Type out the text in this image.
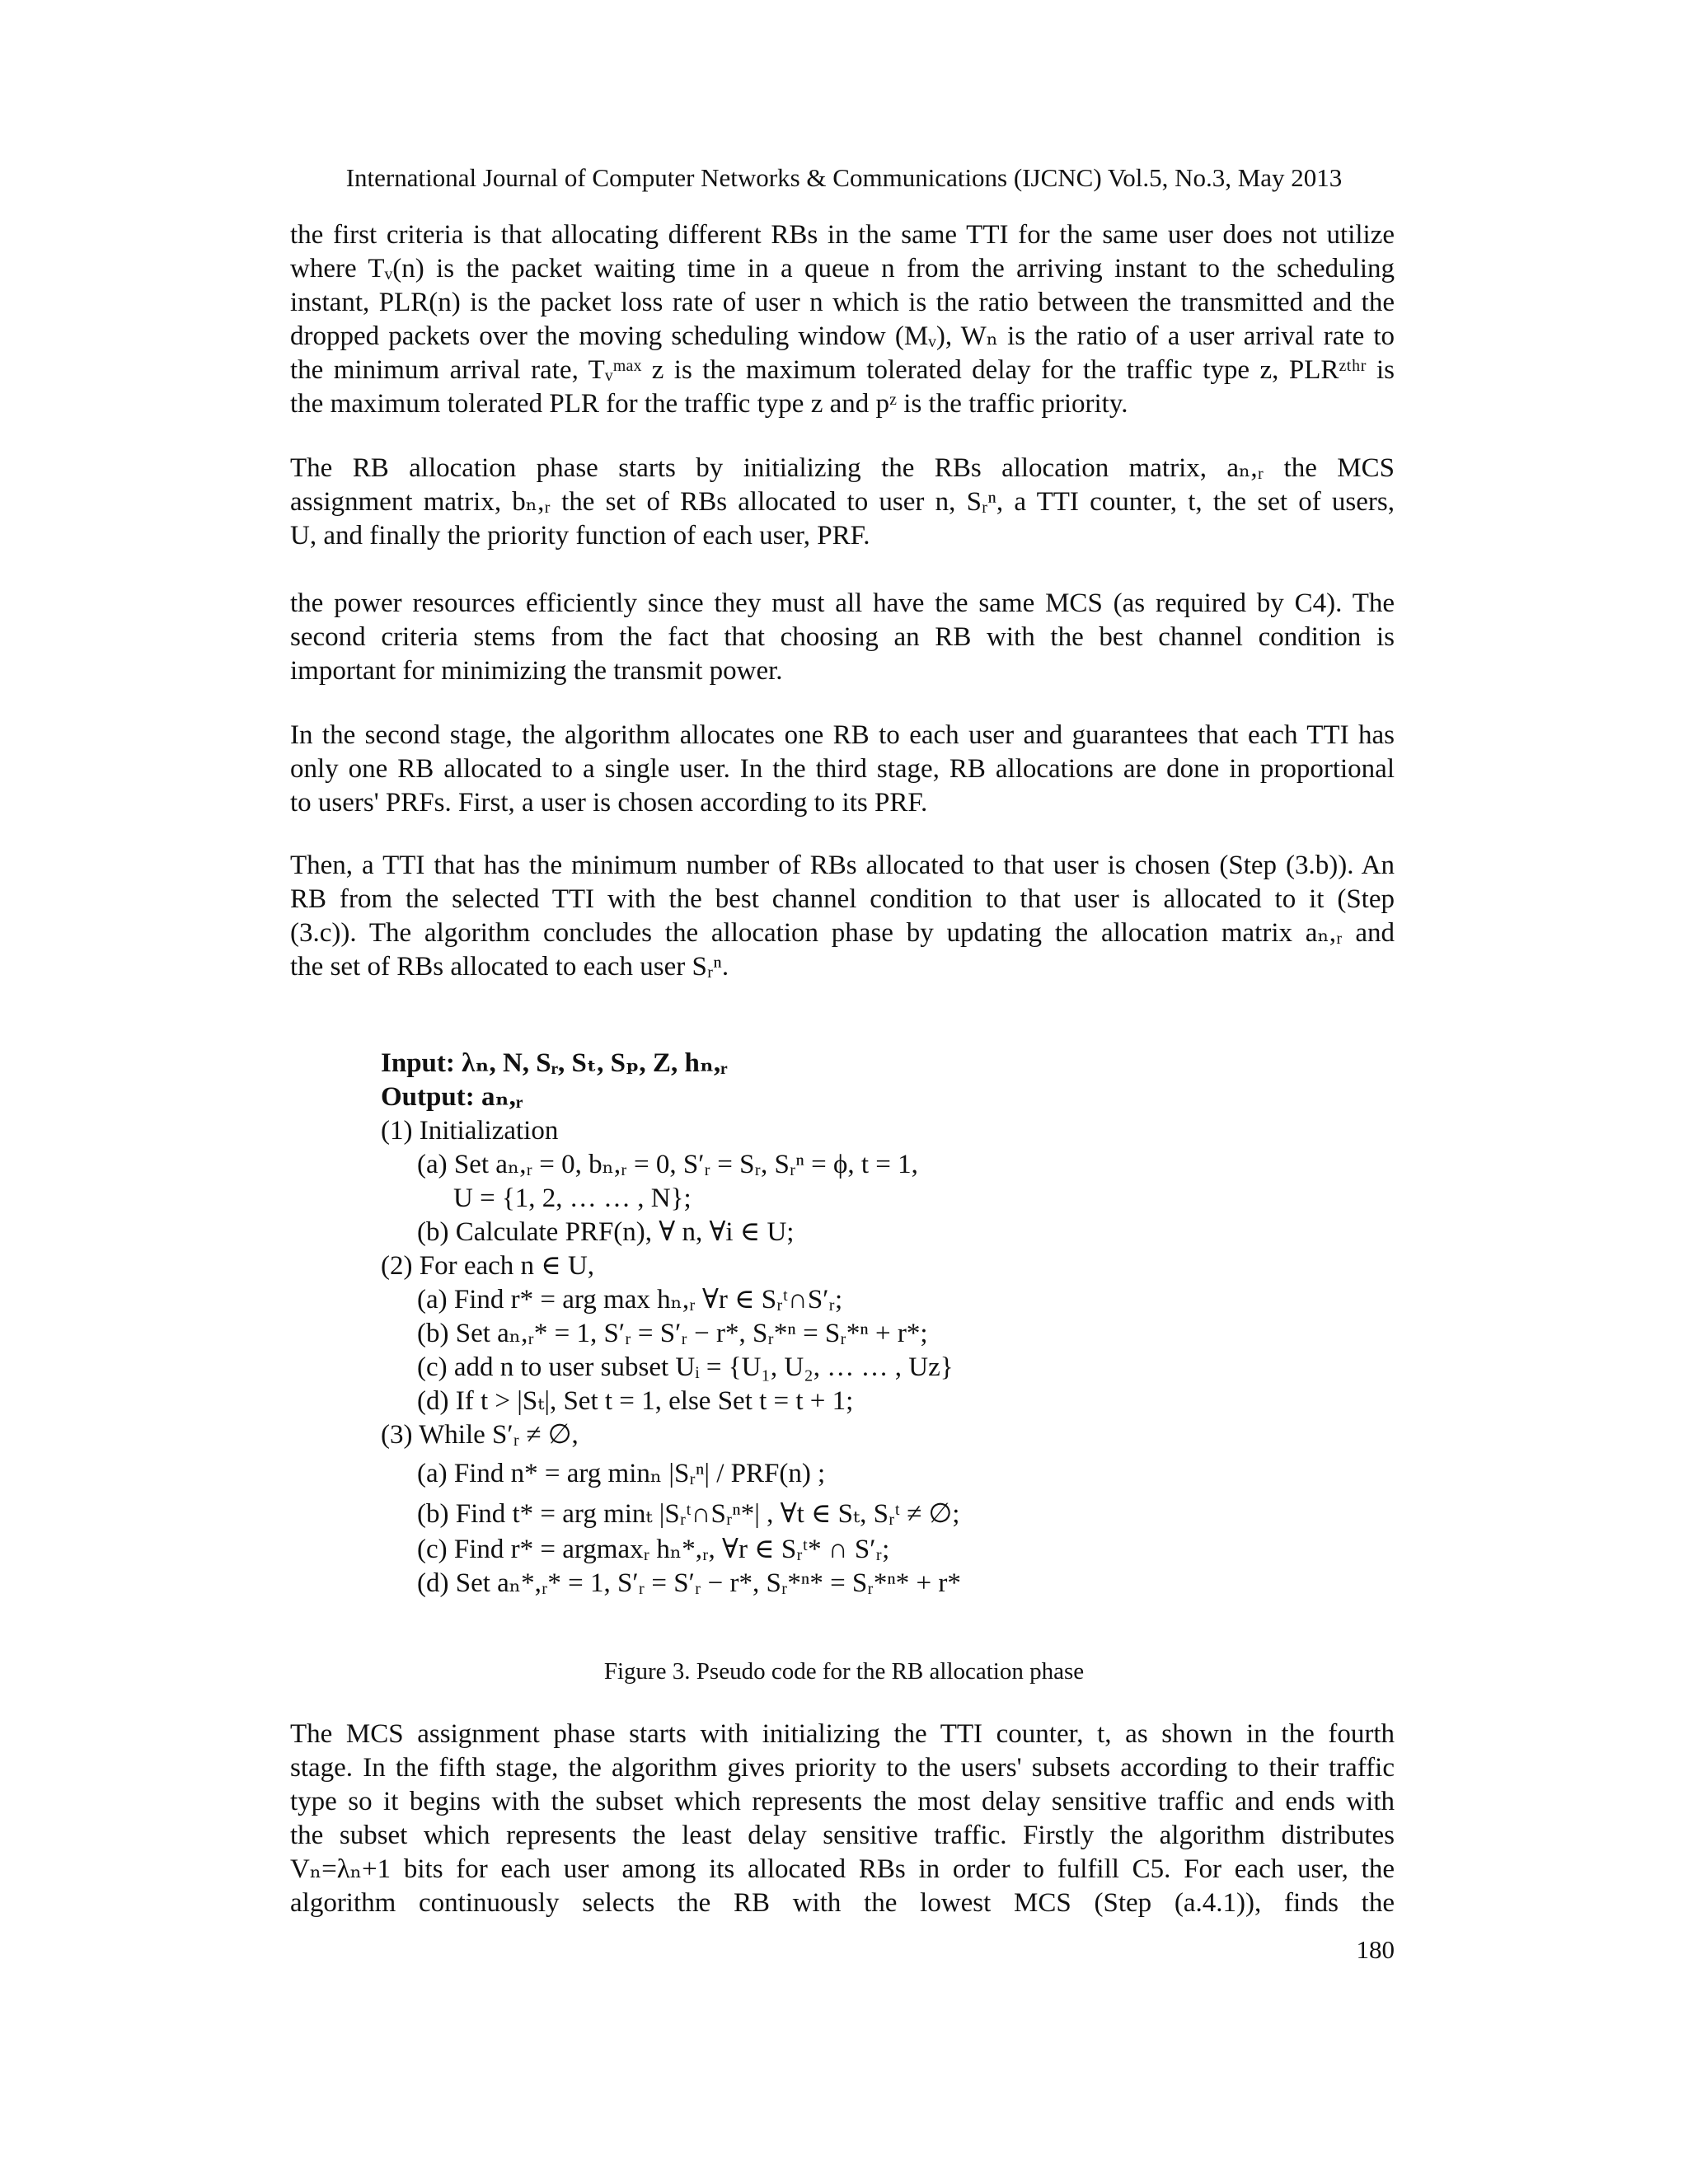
International Journal of Computer Networks & Communications (IJCNC) Vol.5, No.3, May 2013
the first criteria is that allocating different RBs in the same TTI for the same user does not utilize
where Tᵥ(n) is the packet waiting time in a queue n from the arriving instant to the scheduling
instant, PLR(n) is the packet loss rate of user n which is the ratio between the transmitted and the
dropped packets over the moving scheduling window (Mᵥ), Wₙ is the ratio of a user arrival rate to
the minimum arrival rate, Tᵥᵐᵃˣ z is the maximum tolerated delay for the traffic type z, PLRᶻᵗʰʳ is
the maximum tolerated PLR for the traffic type z and pᶻ is the traffic priority.
The RB allocation phase starts by initializing the RBs allocation matrix, aₙ,ᵣ the MCS
assignment matrix, bₙ,ᵣ the set of RBs allocated to user n, Sᵣⁿ, a TTI counter, t, the set of users,
U, and finally the priority function of each user, PRF.
the power resources efficiently since they must all have the same MCS (as required by C4). The
second criteria stems from the fact that choosing an RB with the best channel condition is
important for minimizing the transmit power.
In the second stage, the algorithm allocates one RB to each user and guarantees that each TTI has
only one RB allocated to a single user. In the third stage, RB allocations are done in proportional
to users' PRFs. First, a user is chosen according to its PRF.
Then, a TTI that has the minimum number of RBs allocated to that user is chosen (Step (3.b)). An
RB from the selected TTI with the best channel condition to that user is allocated to it (Step
(3.c)). The algorithm concludes the allocation phase by updating the allocation matrix aₙ,ᵣ and
the set of RBs allocated to each user Sᵣⁿ.
Input: λₙ, N, Sᵣ, Sₜ, Sₚ, Z, hₙ,ᵣ
Output: aₙ,ᵣ
(1) Initialization
(a) Set aₙ,ᵣ = 0, bₙ,ᵣ = 0, S′ᵣ = Sᵣ, Sᵣⁿ = ϕ, t = 1,
U = {1, 2, … … , N};
(b) Calculate PRF(n), ∀ n, ∀i ∈ U;
(2) For each n ∈ U,
(a) Find r* = arg max hₙ,ᵣ ∀r ∈ Sᵣᵗ∩S′ᵣ;
(b) Set aₙ,ᵣ* = 1, S′ᵣ = S′ᵣ − r*, Sᵣ*ⁿ = Sᵣ*ⁿ + r*;
(c) add n to user subset Uᵢ = {U₁, U₂, … … , Uᴢ}
(d) If t > |Sₜ|, Set t = 1, else Set t = t + 1;
(3) While S′ᵣ ≠ ∅,
(a) Find n* = arg minₙ |Sᵣⁿ| / PRF(n) ;
(b) Find t* = arg minₜ |Sᵣᵗ∩Sᵣⁿ*| , ∀t ∈ Sₜ, Sᵣᵗ ≠ ∅;
(c) Find r* = argmaxᵣ hₙ*,ᵣ, ∀r ∈ Sᵣᵗ* ∩ S′ᵣ;
(d) Set aₙ*,ᵣ* = 1, S′ᵣ = S′ᵣ − r*, Sᵣ*ⁿ* = Sᵣ*ⁿ* + r*
Figure 3. Pseudo code for the RB allocation phase
The MCS assignment phase starts with initializing the TTI counter, t, as shown in the fourth
stage. In the fifth stage, the algorithm gives priority to the users' subsets according to their traffic
type so it begins with the subset which represents the most delay sensitive traffic and ends with
the subset which represents the least delay sensitive traffic. Firstly the algorithm distributes
Vₙ=λₙ+1 bits for each user among its allocated RBs in order to fulfill C5. For each user, the
algorithm continuously selects the RB with the lowest MCS (Step (a.4.1)), finds the
180
